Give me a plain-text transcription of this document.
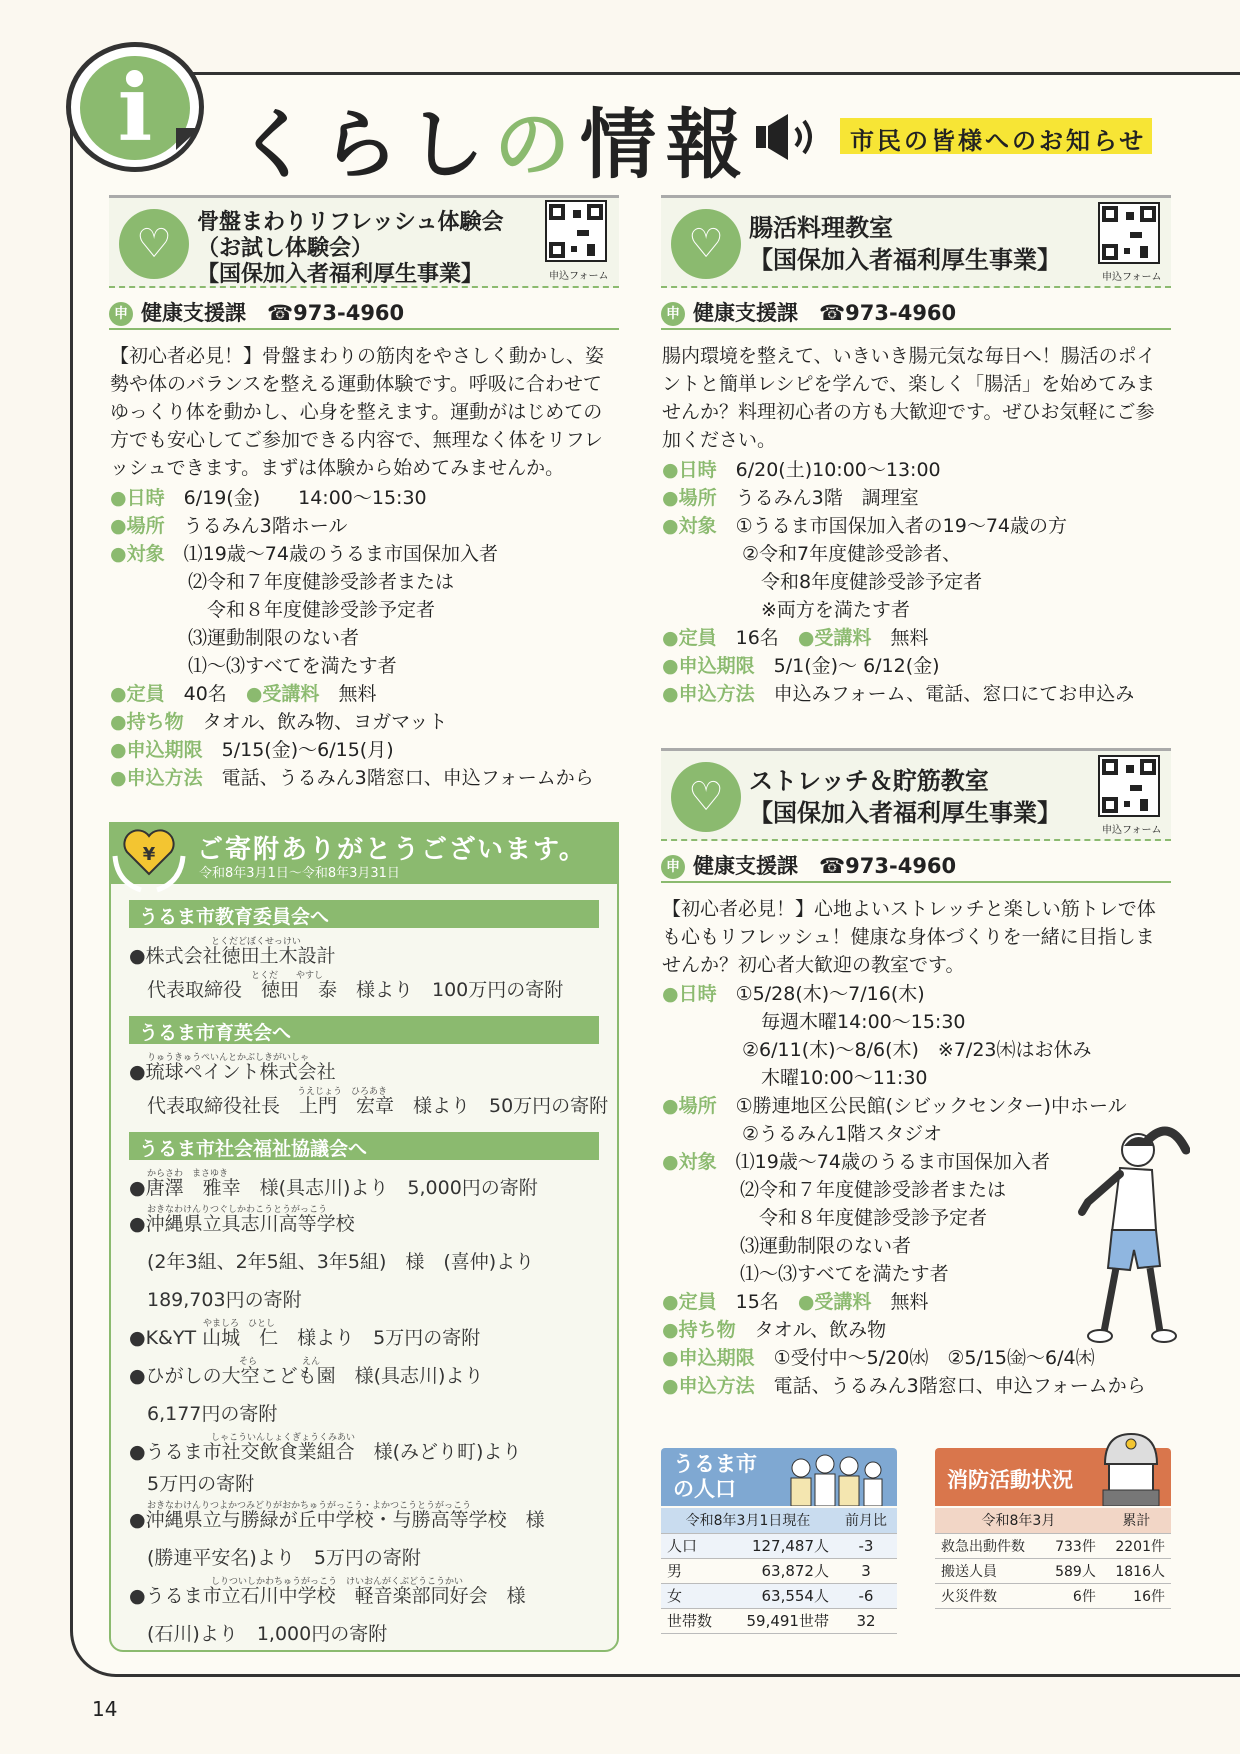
i	くらしの情報	市民の皆様へのお知らせ
♡ 骨盤まわりリフレッシュ体験会
（お試し体験会）
【国保加入者福利厚生事業】	申込フォーム
申 健康支援課　☎973-4960
【初心者必見！】骨盤まわりの筋肉をやさしく動かし、姿勢や体のバランスを整える運動体験です。呼吸に合わせてゆっくり体を動かし、心身を整えます。運動がはじめての方でも安心してご参加できる内容で、無理なく体をリフレッシュできます。まずは体験から始めてみませんか。
● 日時　 6/19(金)　　14:00～15:30
● 場所　 うるみん3階ホール
● 対象　 ⑴19歳～74歳のうるま市国保加入者
⑵令和７年度健診受診者または
　令和８年度健診受診予定者
⑶運動制限のない者
⑴～⑶すべてを満たす者
● 定員　 40名　 ● 受講料　 無料
● 持ち物　 タオル、飲み物、ヨガマット
● 申込期限　 5/15(金)～6/15(月)
● 申込方法　 電話、うるみん3階窓口、申込フォームから
♡ 腸活料理教室
【国保加入者福利厚生事業】
申込フォーム
申 健康支援課　☎973-4960
腸内環境を整えて、いきいき腸元気な毎日へ！腸活のポイントと簡単レシピを学んで、楽しく「腸活」を始めてみませんか？料理初心者の方も大歓迎です。ぜひお気軽にご参加ください。
● 日時　 6/20(土)10:00～13:00
● 場所　 うるみん3階　調理室
● 対象　 ①うるま市国保加入者の19～74歳の方
②令和7年度健診受診者、
　令和8年度健診受診予定者
　※両方を満たす者
● 定員　 16名　 ● 受講料　 無料
● 申込期限　 5/1(金)～ 6/12(金)
● 申込方法　 申込みフォーム、電話、窓口にてお申込み
♡ ストレッチ＆貯筋教室
【国保加入者福利厚生事業】
申込フォーム
申 健康支援課　☎973-4960
【初心者必見！】心地よいストレッチと楽しい筋トレで体も心もリフレッシュ！健康な身体づくりを一緒に目指しませんか？初心者大歓迎の教室です。
● 日時　 ①5/28(木)～7/16(木)
　毎週木曜14:00～15:30
②6/11(木)～8/6(木)　※7/23㈭はお休み
　木曜10:00～11:30
● 場所　 ①勝連地区公民館(シビックセンター)中ホール
②うるみん1階スタジオ
● 対象　 ⑴19歳～74歳のうるま市国保加入者
⑵令和７年度健診受診者または
　令和８年度健診受診予定者
⑶運動制限のない者
⑴～⑶すべてを満たす者
● 定員　 15名　 ● 受講料　 無料
● 持ち物　 タオル、飲み物
● 申込期限　 ①受付中～5/20㈬　②5/15㈮～6/4㈭
● 申込方法　 電話、うるみん3階窓口、申込フォームから
¥ ご寄附ありがとうございます。
令和8年3月1日～令和8年3月31日
うるま市教育委員会へ
とくだどぼくせっけい
●株式会社徳田土木設計
とくだ　　やすし
代表取締役　徳田　泰　様より　100万円の寄附
うるま市育英会へ
りゅうきゅうぺいんとかぶしきがいしゃ
●琉球ペイント株式会社
うえじょう　ひろあき
代表取締役社長　上門　宏章　様より　50万円の寄附
うるま市社会福祉協議会へ
からさわ　まさゆき
●唐澤　雅幸　様(具志川)より　5,000円の寄附
おきなわけんりつぐしかわこうとうがっこう
●沖縄県立具志川高等学校
(2年3組、2年5組、3年5組)　様　(喜仲)より
189,703円の寄附
やましろ　ひとし
●K&YT 山城　仁　様より　5万円の寄附
そら　　　　　えん
●ひがしの大空こども園　様(具志川)より
6,177円の寄附
しゃこういんしょくぎょうくみあい
●うるま市社交飲食業組合　様(みどり町)より
5万円の寄附
おきなわけんりつよかつみどりがおかちゅうがっこう・よかつこうとうがっこう
●沖縄県立与勝緑が丘中学校・与勝高等学校　様
(勝連平安名)より　5万円の寄附
しりついしかわちゅうがっこう　けいおんがくぶどうこうかい
●うるま市立石川中学校　軽音楽部同好会　様
(石川)より　1,000円の寄附
うるま市
の人口
令和8年3月1日現在		前月比
人口	127,487人	-3
男	63,872人	3
女	63,554人	-6
世帯数	59,491世帯	32
消防活動状況
令和8年3月		累計
救急出動件数	733件	2201件
搬送人員	589人	1816人
火災件数	6件	16件
14
